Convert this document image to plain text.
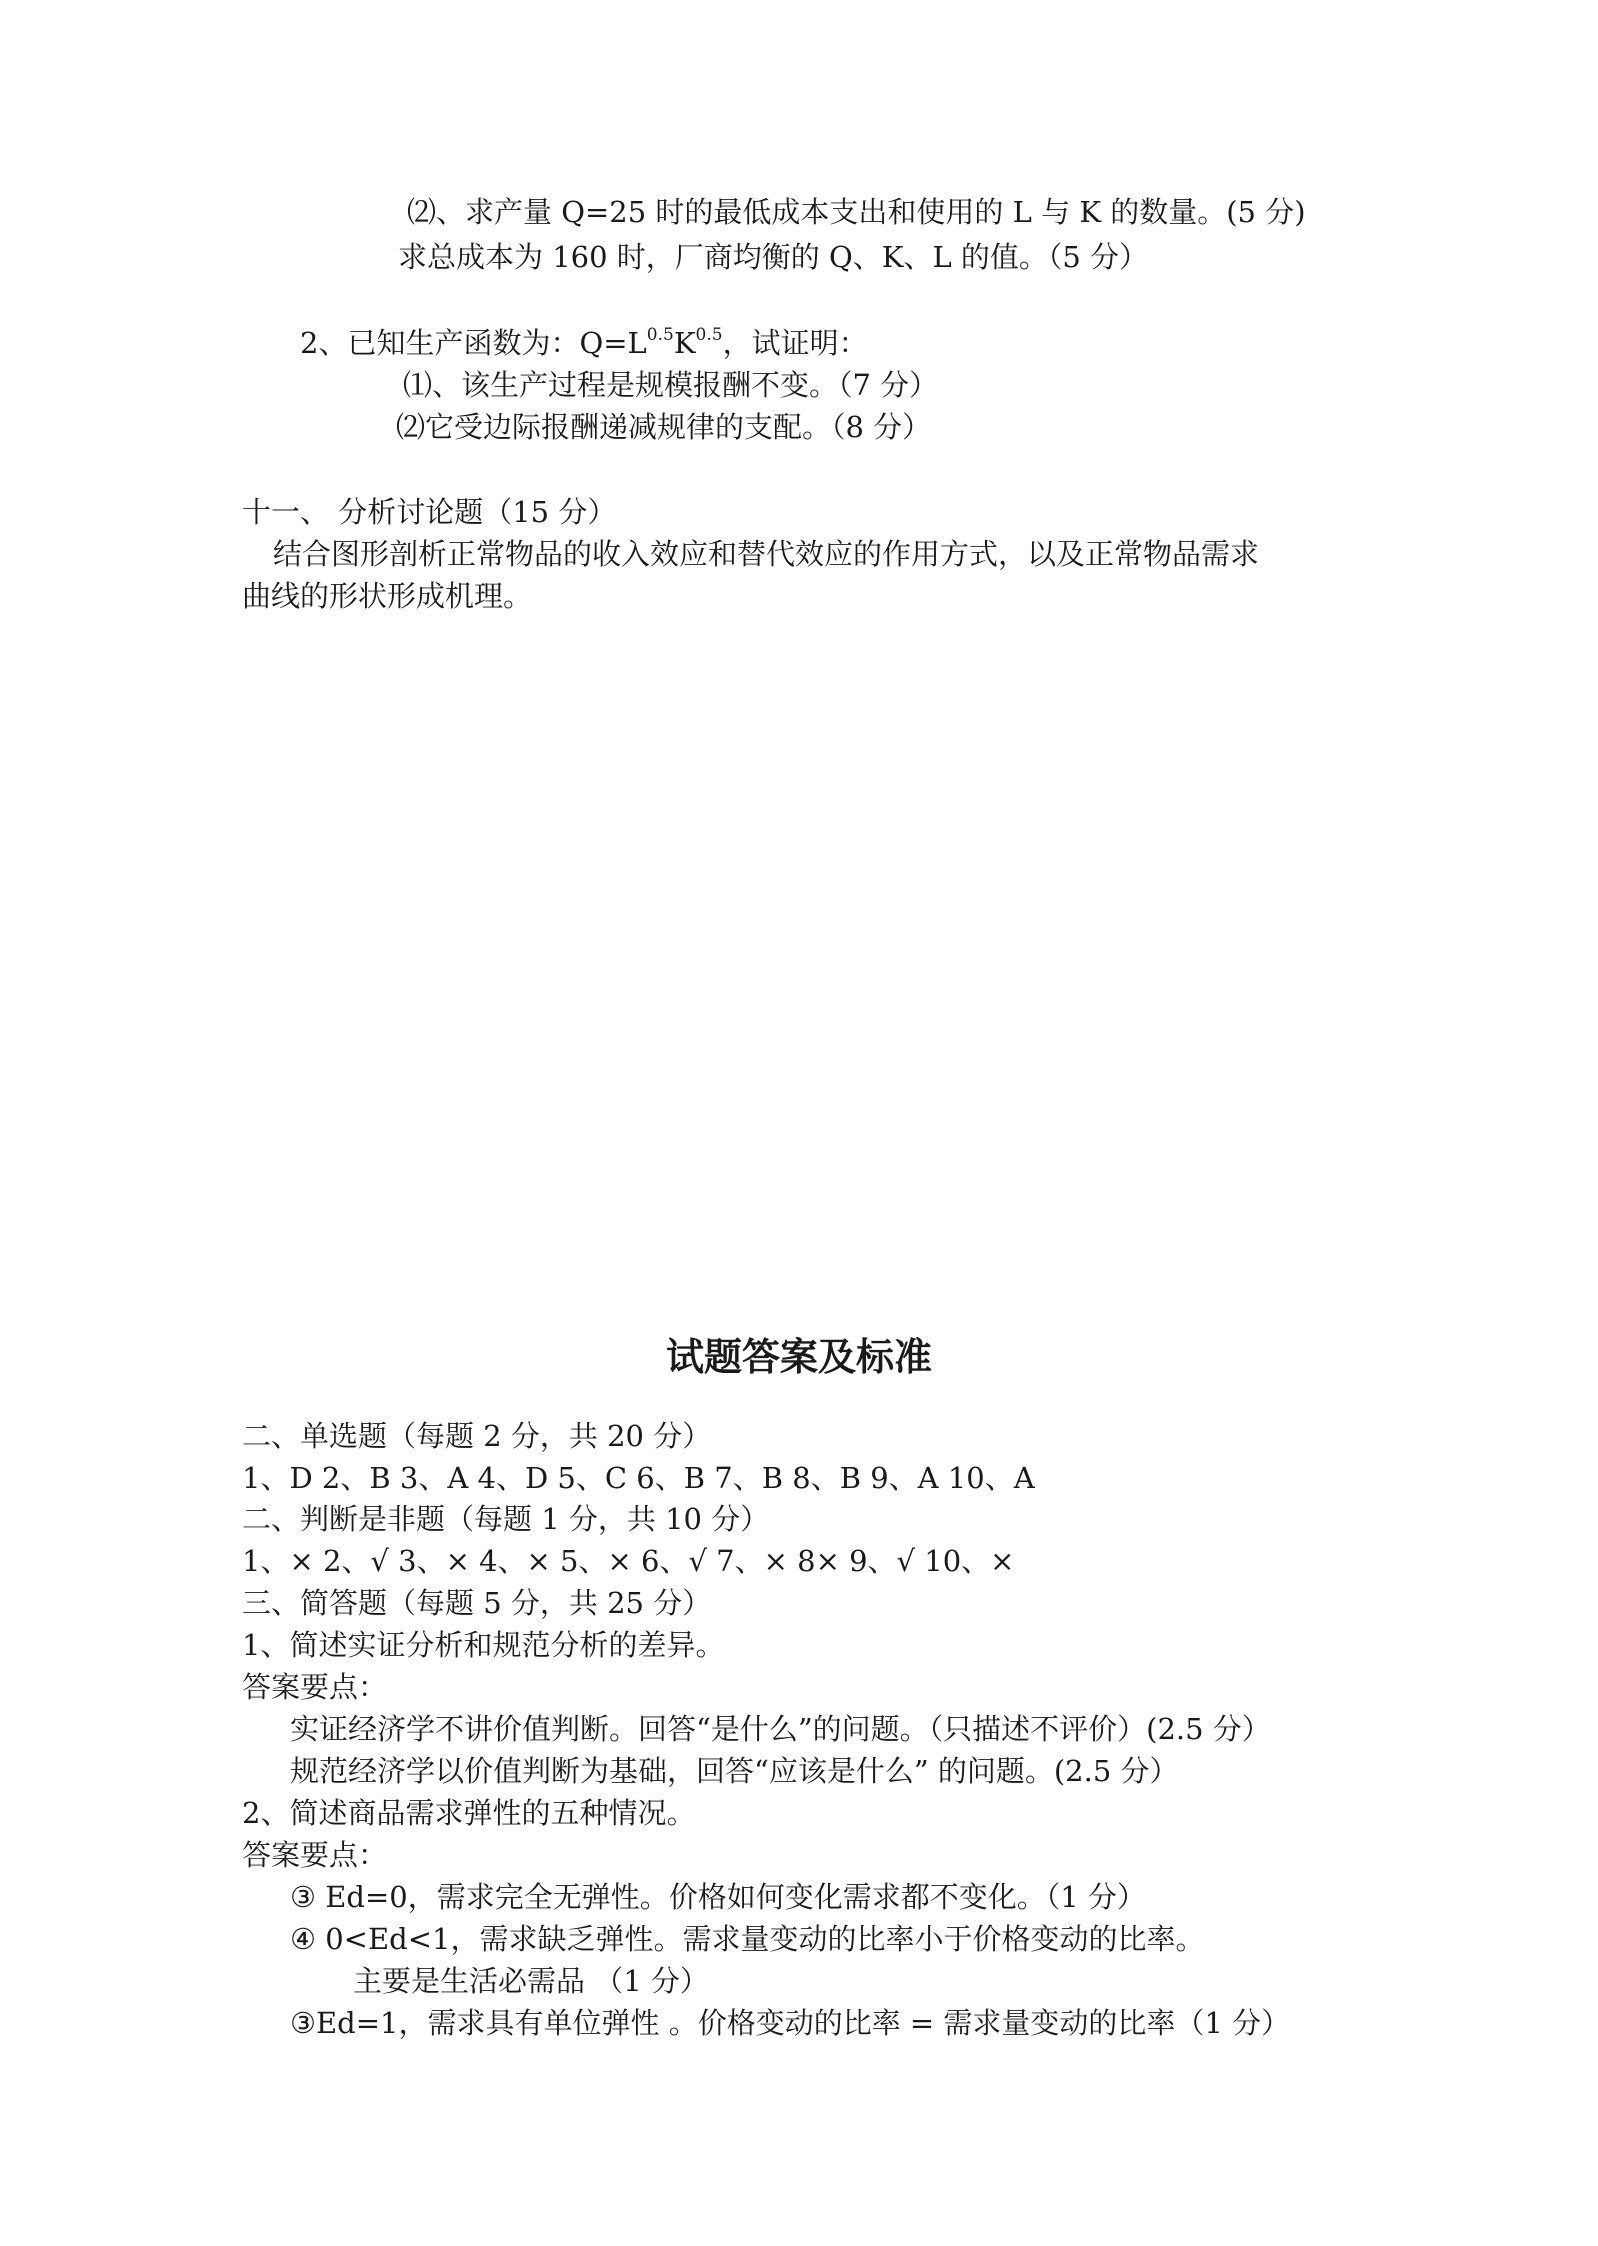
⑵、求产量 Q=25 时的最低成本支出和使用的 L 与 K 的数量。(5 分)
求总成本为 160 时，厂商均衡的 Q、K、L 的值。（5 分）
2、已知生产函数为：$Q=L^{0.5}K^{0.5}$，试证明：
⑴、该生产过程是规模报酬不变。（7 分）
⑵它受边际报酬递减规律的支配。（8 分）
十一、 分析讨论题（15 分）
结合图形剖析正常物品的收入效应和替代效应的作用方式，以及正常物品需求
曲线的形状形成机理。
试题答案及标准
二、单选题（每题 2 分，共 20 分）
1、D 2、B 3、A 4、D 5、C 6、B 7、B 8、B 9、A 10、A
二、判断是非题（每题 1 分，共 10 分）
1、× 2、√ 3、× 4、× 5、× 6、√ 7、× 8× 9、√ 10、×
三、简答题（每题 5 分，共 25 分）
1、简述实证分析和规范分析的差异。
答案要点：
实证经济学不讲价值判断。回答“是什么”的问题。（只描述不评价）(2.5 分）
规范经济学以价值判断为基础，回答“应该是什么” 的问题。(2.5 分）
2、简述商品需求弹性的五种情况。
答案要点：
③ Ed=0，需求完全无弹性。价格如何变化需求都不变化。（1 分）
④ 0<Ed<1，需求缺乏弹性。需求量变动的比率小于价格变动的比率。
主要是生活必需品 （1 分）
③Ed=1，需求具有单位弹性 。价格变动的比率 = 需求量变动的比率（1 分）
